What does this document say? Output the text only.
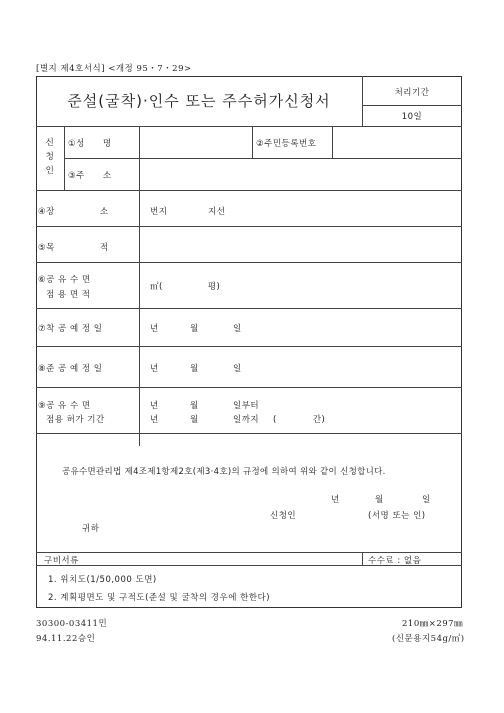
[별지 제4호서식] <개정 95・7・29>
준설(굴착)·인수 또는 주수허가신청서	처리기간
10일
신
청
인
①성　　명	②주민등록번호
③주　　소
④장　　　　　소	번지	지선
⑤목　　　　　적
⑥공 유 수 면
점 용 면 적
㎡(　　　　　평)
⑦착 공 예 정 일	년	월	일
⑧준 공 예 정 일	년	월	일
⑨공 유 수 면
점용 허가 기간
년	월	일부터
년	월	일까지 (　　　　간)
공유수면관리법 제4조제1항제2호(제3·4호)의 규정에 의하여 위와 같이 신청합니다.
년	월	일
신청인	(서명 또는 인)
귀하
구비서류	수수료 : 없음
1. 위치도(1/50,000 도면)
2. 계획평면도 및 구적도(준설 및 굴착의 경우에 한한다)
30300-03411민
94.11.22승인
210㎜×297㎜
(신문용지54g/㎡)
